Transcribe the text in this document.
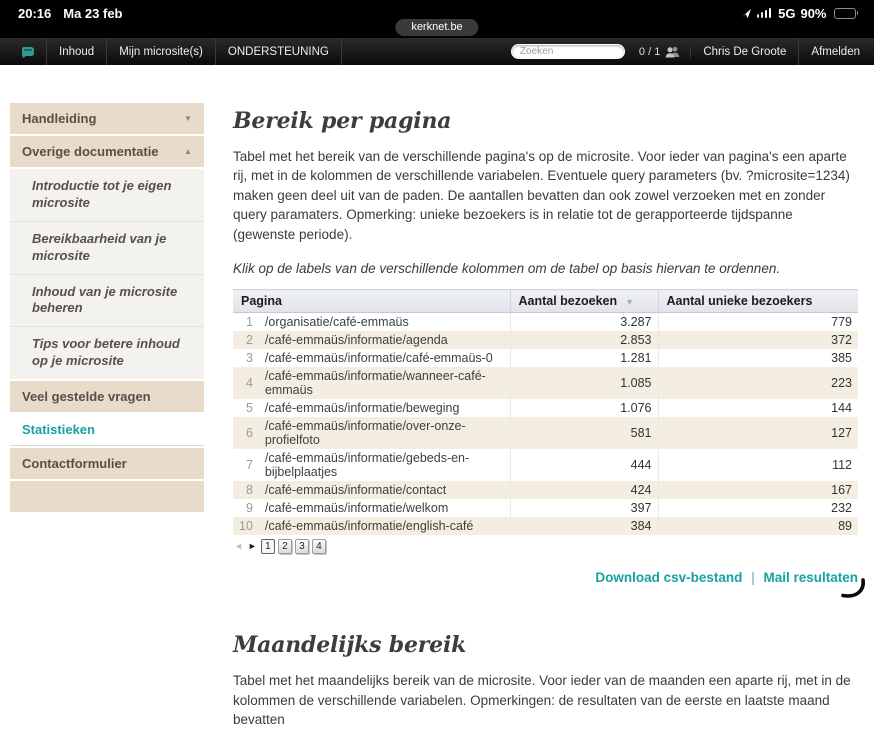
20:16 Ma 23 feb	5G 90%
kerknet.be
Inhoud	Mijn microsite(s)	ONDERSTEUNING
Zoeken	0 / 1	Chris De Groote	Afmelden
Handleiding	▼
Overige documentatie	▲
Introductie tot je eigen microsite
Bereikbaarheid van je microsite
Inhoud van je microsite beheren
Tips voor betere inhoud op je microsite
Veel gestelde vragen
Statistieken
Contactformulier
Bereik per pagina

Tabel met het bereik van de verschillende pagina's op de microsite. Voor ieder van pagina's een aparte rij, met in de kolommen de verschillende variabelen. Eventuele query parameters (bv. ?microsite=1234) maken geen deel uit van de paden. De aantallen bevatten dan ook zowel verzoeken met en zonder query paramaters. Opmerking: unieke bezoekers is in relatie tot de gerapporteerde tijdspanne (gewenste periode).

Klik op de labels van de verschillende kolommen om de tabel op basis hiervan te ordennen.

Pagina		Aantal bezoeken ▼	Aantal unieke bezoekers
1	/organisatie/café-emmaüs	3.287	779
2	/café-emmaüs/informatie/agenda	2.853	372
3	/café-emmaüs/informatie/café-emmaüs-0	1.281	385
4	/café-emmaüs/informatie/wanneer-café-emmaüs	1.085	223
5	/café-emmaüs/informatie/beweging	1.076	144
6	/café-emmaüs/informatie/over-onze-profielfoto	581	127
7	/café-emmaüs/informatie/gebeds-en-bijbelplaatjes	444	112
8	/café-emmaüs/informatie/contact	424	167
9	/café-emmaüs/informatie/welkom	397	232
10	/café-emmaüs/informatie/english-café	384	89
◄ ► 1	2	3	4
Download csv-bestand | Mail resultaten
Maandelijks bereik

Tabel met het maandelijks bereik van de microsite. Voor ieder van de maanden een aparte rij, met in de kolommen de verschillende variabelen. Opmerkingen: de resultaten van de eerste en laatste maand bevatten
